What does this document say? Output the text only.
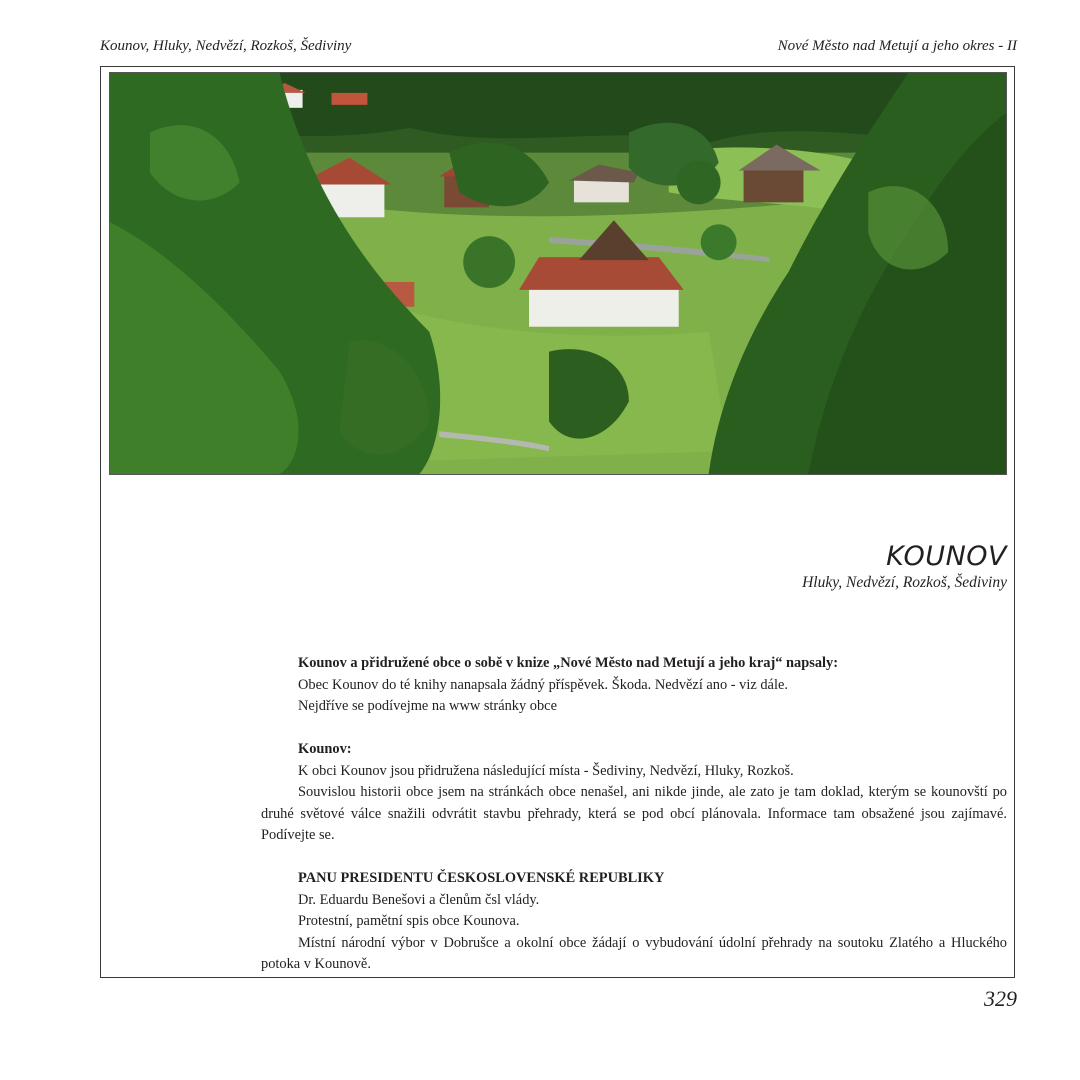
Kounov, Hluky, Nedvězí, Rozkoš, Šediviny	Nové Město nad Metují a jeho okres - II
KOUNOV
Hluky, Nedvězí, Rozkoš, Šediviny

Kounov a přidružené obce o sobě v knize „Nové Město nad Metují a jeho kraj“ napsaly:

Obec Kounov do té knihy nanapsala žádný příspěvek. Škoda. Nedvězí ano - viz dále.

Nejdříve se podívejme na www stránky obce

Kounov:

K obci Kounov jsou přidružena následující místa - Šediviny, Nedvězí, Hluky, Rozkoš.

Souvislou historii obce jsem na stránkách obce nenašel, ani nikde jinde, ale zato je tam doklad, kterým se kounovští po druhé světové válce snažili odvrátit stavbu přehrady, která se pod obcí plánovala. Informace tam obsažené jsou zajímavé. Podívejte se.

PANU PRESIDENTU ČESKOSLOVENSKÉ REPUBLIKY

Dr. Eduardu Benešovi a členům čsl vlády.

Protestní, pamětní spis obce Kounova.

Místní národní výbor v Dobrušce a okolní obce žádají o vybudování údolní přehrady na soutoku Zlatého a Hluckého potoka v Kounově.

329
